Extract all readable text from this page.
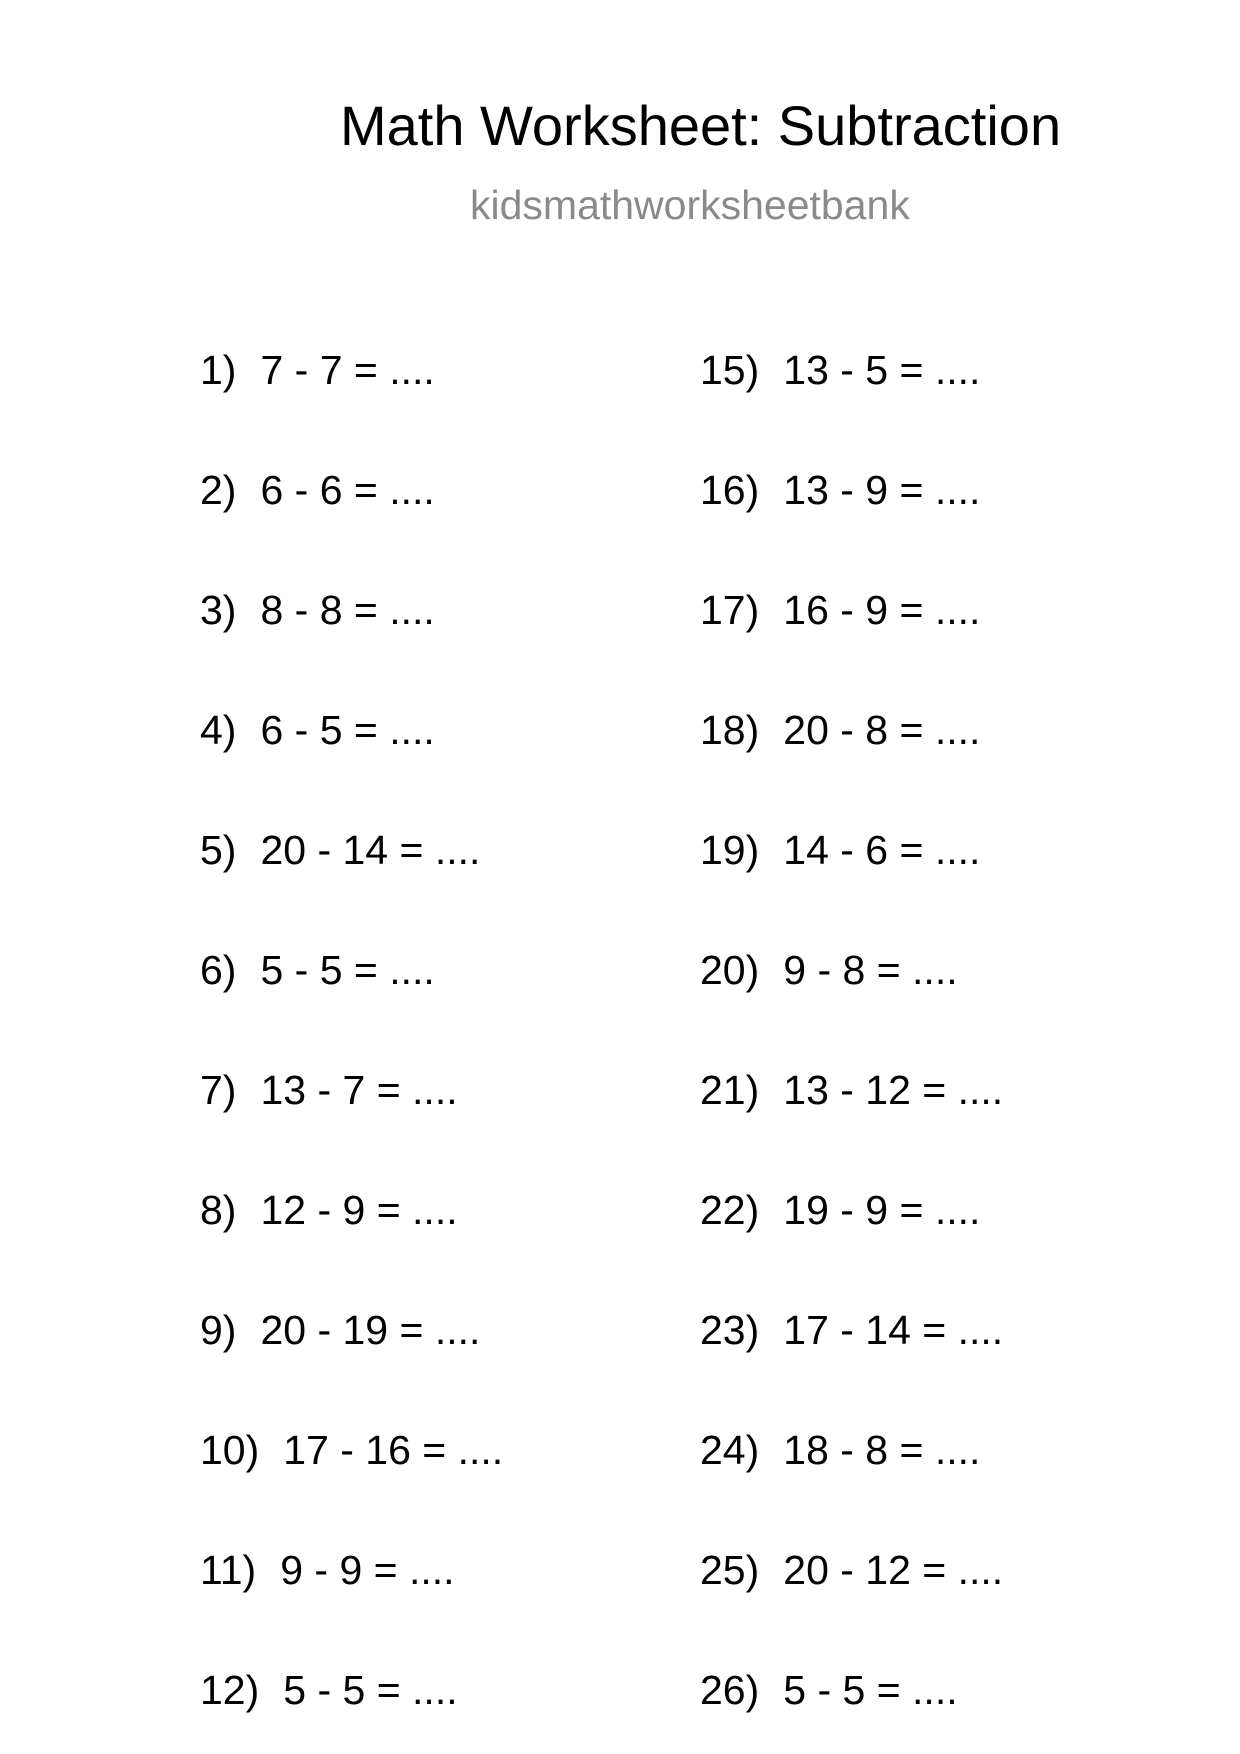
Math Worksheet: Subtraction
kidsmathworksheetbank
1) 7 - 7 = ....
2) 6 - 6 = ....
3) 8 - 8 = ....
4) 6 - 5 = ....
5) 20 - 14 = ....
6) 5 - 5 = ....
7) 13 - 7 = ....
8) 12 - 9 = ....
9) 20 - 19 = ....
10) 17 - 16 = ....
11) 9 - 9 = ....
12) 5 - 5 = ....
15) 13 - 5 = ....
16) 13 - 9 = ....
17) 16 - 9 = ....
18) 20 - 8 = ....
19) 14 - 6 = ....
20) 9 - 8 = ....
21) 13 - 12 = ....
22) 19 - 9 = ....
23) 17 - 14 = ....
24) 18 - 8 = ....
25) 20 - 12 = ....
26) 5 - 5 = ....
